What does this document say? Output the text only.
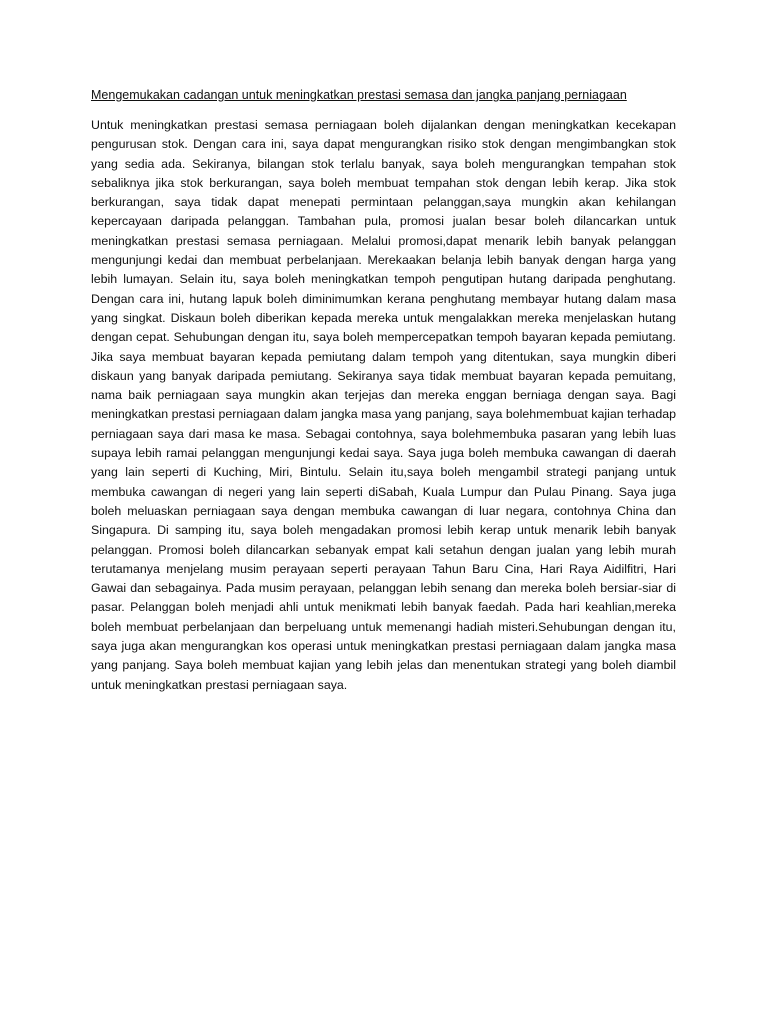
Mengemukakan cadangan untuk meningkatkan prestasi semasa dan jangka panjang perniagaan

Untuk meningkatkan prestasi semasa perniagaan boleh dijalankan dengan meningkatkan kecekapan pengurusan stok. Dengan cara ini, saya dapat mengurangkan risiko stok dengan mengimbangkan stok yang sedia ada. Sekiranya, bilangan stok terlalu banyak, saya boleh mengurangkan tempahan stok sebaliknya jika stok berkurangan, saya boleh membuat tempahan stok dengan lebih kerap. Jika stok berkurangan, saya tidak dapat menepati permintaan pelanggan,saya mungkin akan kehilangan kepercayaan daripada pelanggan. Tambahan pula, promosi jualan besar boleh dilancarkan untuk meningkatkan prestasi semasa perniagaan. Melalui promosi,dapat menarik lebih banyak pelanggan mengunjungi kedai dan membuat perbelanjaan. Merekaakan belanja lebih banyak dengan harga yang lebih lumayan. Selain itu, saya boleh meningkatkan tempoh pengutipan hutang daripada penghutang. Dengan cara ini, hutang lapuk boleh diminimumkan kerana penghutang membayar hutang dalam masa yang singkat. Diskaun boleh diberikan kepada mereka untuk mengalakkan mereka menjelaskan hutang dengan cepat. Sehubungan dengan itu, saya boleh mempercepatkan tempoh bayaran kepada pemiutang. Jika saya membuat bayaran kepada pemiutang dalam tempoh yang ditentukan, saya mungkin diberi diskaun yang banyak daripada pemiutang. Sekiranya saya tidak membuat bayaran kepada pemuitang, nama baik perniagaan saya mungkin akan terjejas dan mereka enggan berniaga dengan saya. Bagi meningkatkan prestasi perniagaan dalam jangka masa yang panjang, saya bolehmembuat kajian terhadap perniagaan saya dari masa ke masa. Sebagai contohnya, saya bolehmembuka pasaran yang lebih luas supaya lebih ramai pelanggan mengunjungi kedai saya. Saya juga boleh membuka cawangan di daerah yang lain seperti di Kuching, Miri, Bintulu. Selain itu,saya boleh mengambil strategi panjang untuk membuka cawangan di negeri yang lain seperti diSabah, Kuala Lumpur dan Pulau Pinang. Saya juga boleh meluaskan perniagaan saya dengan membuka cawangan di luar negara, contohnya China dan Singapura. Di samping itu, saya boleh mengadakan promosi lebih kerap untuk menarik lebih banyak pelanggan. Promosi boleh dilancarkan sebanyak empat kali setahun dengan jualan yang lebih murah terutamanya menjelang musim perayaan seperti perayaan Tahun Baru Cina, Hari Raya Aidilfitri, Hari Gawai dan sebagainya. Pada musim perayaan, pelanggan lebih senang dan mereka boleh bersiar-siar di pasar. Pelanggan boleh menjadi ahli untuk menikmati lebih banyak faedah. Pada hari keahlian,mereka boleh membuat perbelanjaan dan berpeluang untuk memenangi hadiah misteri.Sehubungan dengan itu, saya juga akan mengurangkan kos operasi untuk meningkatkan prestasi perniagaan dalam jangka masa yang panjang. Saya boleh membuat kajian yang lebih jelas dan menentukan strategi yang boleh diambil untuk meningkatkan prestasi perniagaan saya.
